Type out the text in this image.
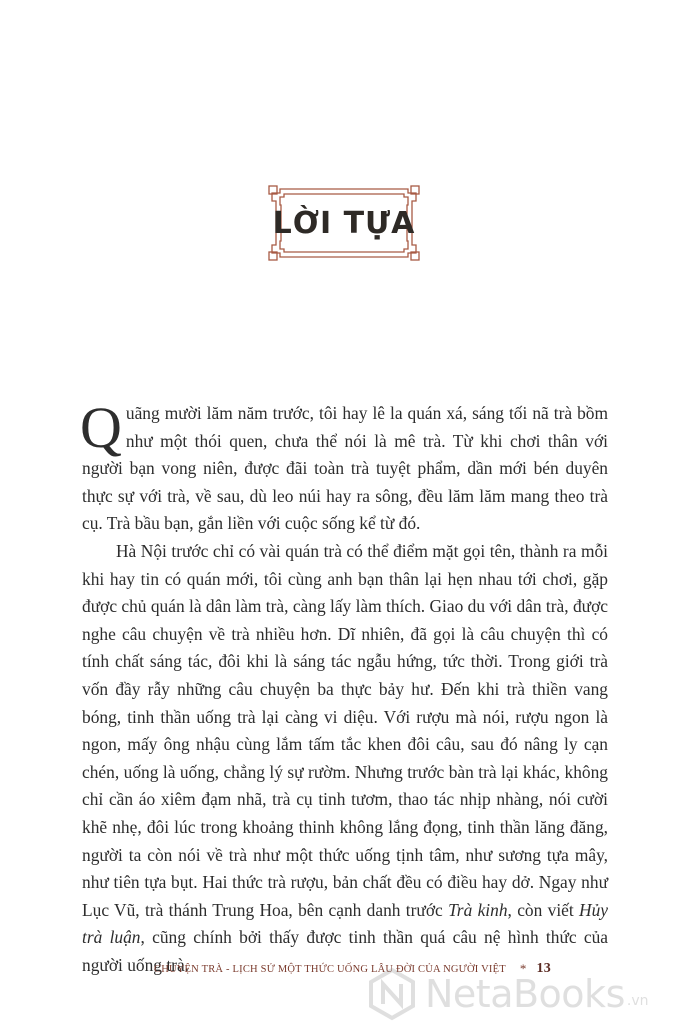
LỜI TỰA

Quãng mười lăm năm trước, tôi hay lê la quán xá, sáng tối nã trà bồm như một thói quen, chưa thể nói là mê trà. Từ khi chơi thân với người bạn vong niên, được đãi toàn trà tuyệt phẩm, dần mới bén duyên thực sự với trà, về sau, dù leo núi hay ra sông, đều lăm lăm mang theo trà cụ. Trà bầu bạn, gắn liền với cuộc sống kể từ đó.

Hà Nội trước chỉ có vài quán trà có thể điểm mặt gọi tên, thành ra mỗi khi hay tin có quán mới, tôi cùng anh bạn thân lại hẹn nhau tới chơi, gặp được chủ quán là dân làm trà, càng lấy làm thích. Giao du với dân trà, được nghe câu chuyện về trà nhiều hơn. Dĩ nhiên, đã gọi là câu chuyện thì có tính chất sáng tác, đôi khi là sáng tác ngẫu hứng, tức thời. Trong giới trà vốn đầy rẫy những câu chuyện ba thực bảy hư. Đến khi trà thiền vang bóng, tinh thần uống trà lại càng vi diệu. Với rượu mà nói, rượu ngon là ngon, mấy ông nhậu cùng lắm tấm tắc khen đôi câu, sau đó nâng ly cạn chén, uống là uống, chẳng lý sự rườm. Nhưng trước bàn trà lại khác, không chỉ cần áo xiêm đạm nhã, trà cụ tinh tươm, thao tác nhịp nhàng, nói cười khẽ nhẹ, đôi lúc trong khoảng thinh không lắng đọng, tinh thần lăng đăng, người ta còn nói về trà như một thức uống tịnh tâm, như sương tựa mây, như tiên tựa bụt. Hai thức trà rượu, bản chất đều có điều hay dở. Ngay như Lục Vũ, trà thánh Trung Hoa, bên cạnh danh trước Trà kinh, còn viết Hủy trà luận, cũng chính bởi thấy được tinh thần quá câu nệ hình thức của người uống trà.

CHUYỆN TRÀ - LỊCH SỬ MỘT THỨC UỐNG LÂU ĐỜI CỦA NGƯỜI VIỆT * 13
NetaBooks .vn
